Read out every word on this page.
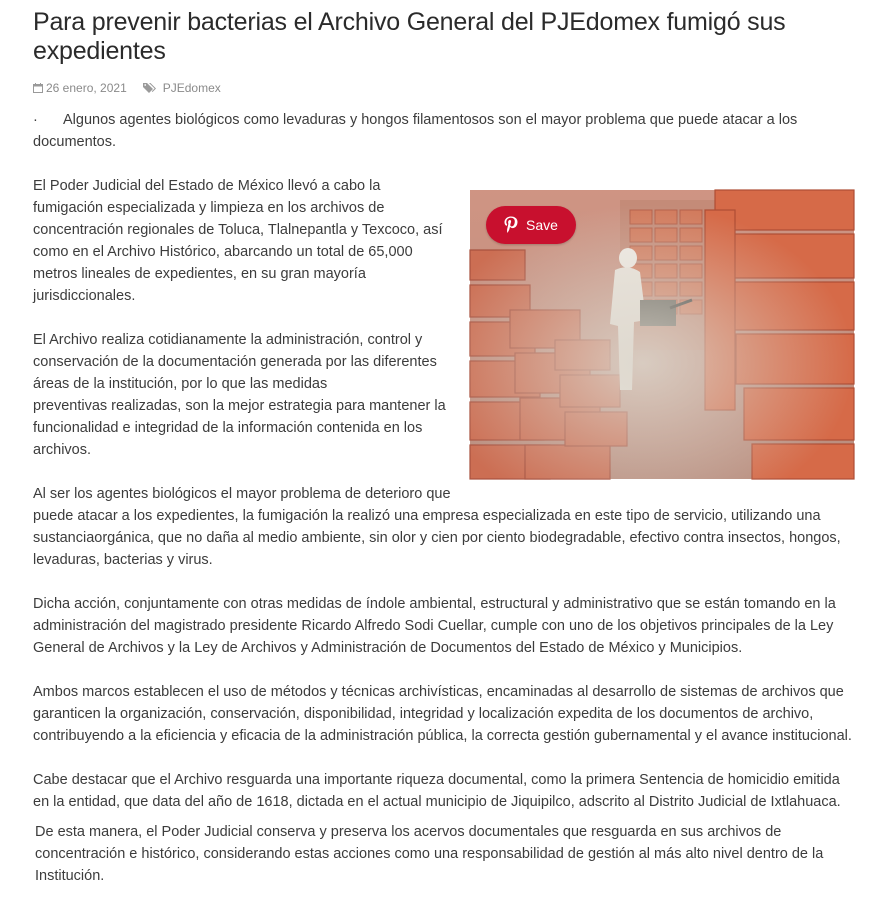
Para prevenir bacterias el Archivo General del PJEdomex fumigó sus expedientes
26 enero, 2021	PJEdomex

· Algunos agentes biológicos como levaduras y hongos filamentosos son el mayor problema que puede atacar a los documentos.

Save

El Poder Judicial del Estado de México llevó a cabo la fumigación especializada y limpieza en los archivos de concentración regionales de Toluca, Tlalnepantla y Texcoco, así como en el Archivo Histórico, abarcando un total de 65,000 metros lineales de expedientes, en su gran mayoría jurisdiccionales.

El Archivo realiza cotidianamente la administración, control y conservación de la documentación generada por las diferentes áreas de la institución, por lo que las medidas
preventivas realizadas, son la mejor estrategia para mantener la funcionalidad e integridad de la información contenida en los archivos.

Al ser los agentes biológicos el mayor problema de deterioro que puede atacar a los expedientes, la fumigación la realizó una empresa especializada en este tipo de servicio, utilizando una sustanciaorgánica, que no daña al medio ambiente, sin olor y cien por ciento biodegradable, efectivo contra insectos, hongos, levaduras, bacterias y virus.

Dicha acción, conjuntamente con otras medidas de índole ambiental, estructural y administrativo que se están tomando en la administración del magistrado presidente Ricardo Alfredo Sodi Cuellar, cumple con uno de los objetivos principales de la Ley General de Archivos y la Ley de Archivos y Administración de Documentos del Estado de México y Municipios.

Ambos marcos establecen el uso de métodos y técnicas archivísticas, encaminadas al desarrollo de sistemas de archivos que garanticen la organización, conservación, disponibilidad, integridad y localización expedita de los documentos de archivo, contribuyendo a la eficiencia y eficacia de la administración pública, la correcta gestión gubernamental y el avance institucional.

Cabe destacar que el Archivo resguarda una importante riqueza documental, como la primera Sentencia de homicidio emitida en la entidad, que data del año de 1618, dictada en el actual municipio de Jiquipilco, adscrito al Distrito Judicial de Ixtlahuaca.

De esta manera, el Poder Judicial conserva y preserva los acervos documentales que resguarda en sus archivos de concentración e histórico, considerando estas acciones como una responsabilidad de gestión al más alto nivel dentro de la Institución.
